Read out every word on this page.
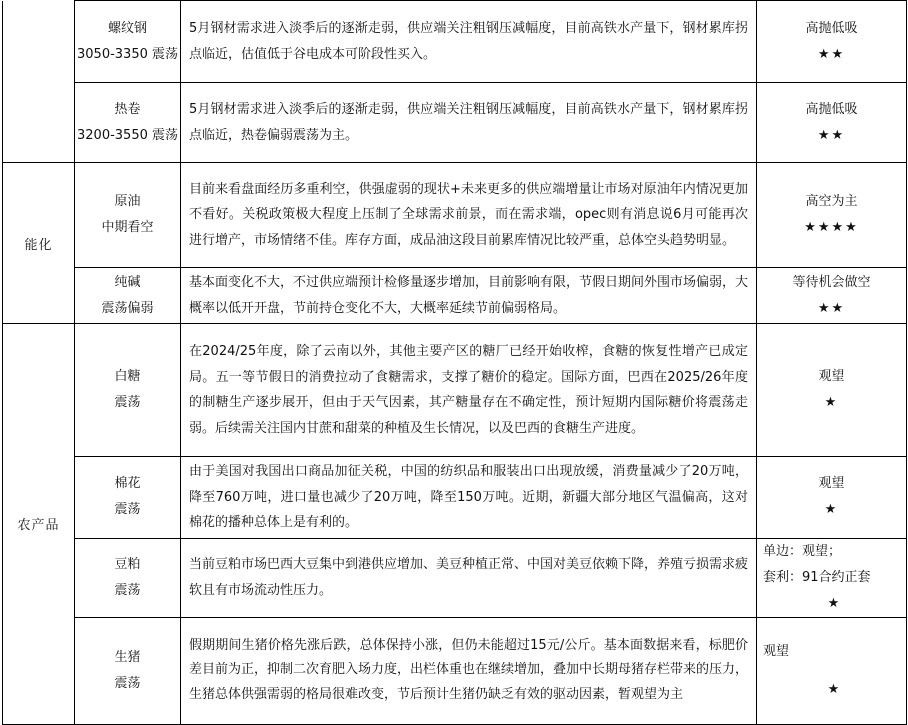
	螺纹钢
3050-3350 震荡	5月钢材需求进入淡季后的逐渐走弱，供应端关注粗钢压减幅度，目前高铁水产量下，钢材累库拐点临近，估值低于谷电成本可阶段性买入。	高抛低吸
★★

	热卷
3200-3550 震荡	5月钢材需求进入淡季后的逐渐走弱，供应端关注粗钢压减幅度，目前高铁水产量下，钢材累库拐点临近，热卷偏弱震荡为主。	高抛低吸
★★

能化	原油
中期看空	目前来看盘面经历多重利空，供强虚弱的现状+未来更多的供应端增量让市场对原油年内情况更加不看好。关税政策极大程度上压制了全球需求前景，而在需求端，opec则有消息说6月可能再次进行增产，市场情绪不佳。库存方面，成品油这段目前累库情况比较严重，总体空头趋势明显。	高空为主
★★★★

	纯碱
震荡偏弱	基本面变化不大，不过供应端预计检修量逐步增加，目前影响有限，节假日期间外围市场偏弱，大概率以低开开盘，节前持仓变化不大，大概率延续节前偏弱格局。	等待机会做空
★★

农产品	白糖
震荡	在2024/25年度，除了云南以外，其他主要产区的糖厂已经开始收榨，食糖的恢复性增产已成定局。五一等节假日的消费拉动了食糖需求，支撑了糖价的稳定。国际方面，巴西在2025/26年度的制糖生产逐步展开，但由于天气因素，其产糖量存在不确定性，预计短期内国际糖价将震荡走弱。后续需关注国内甘蔗和甜菜的种植及生长情况，以及巴西的食糖生产进度。	观望
★

	棉花
震荡	由于美国对我国出口商品加征关税，中国的纺织品和服装出口出现放缓，消费量减少了20万吨，降至760万吨，进口量也减少了20万吨，降至150万吨。近期，新疆大部分地区气温偏高，这对棉花的播种总体上是有利的。	观望
★

	豆粕
震荡	当前豆粕市场巴西大豆集中到港供应增加、美豆种植正常、中国对美豆依赖下降，养殖亏损需求疲软且有市场流动性压力。	单边：观望；
套利：91合约正套
★

	生猪
震荡	假期期间生猪价格先涨后跌，总体保持小涨，但仍未能超过15元/公斤。基本面数据来看，标肥价差目前为正，抑制二次育肥入场力度，出栏体重也在继续增加，叠加中长期母猪存栏带来的压力，生猪总体供强需弱的格局很难改变，节后预计生猪仍缺乏有效的驱动因素，暂观望为主	观望
★
